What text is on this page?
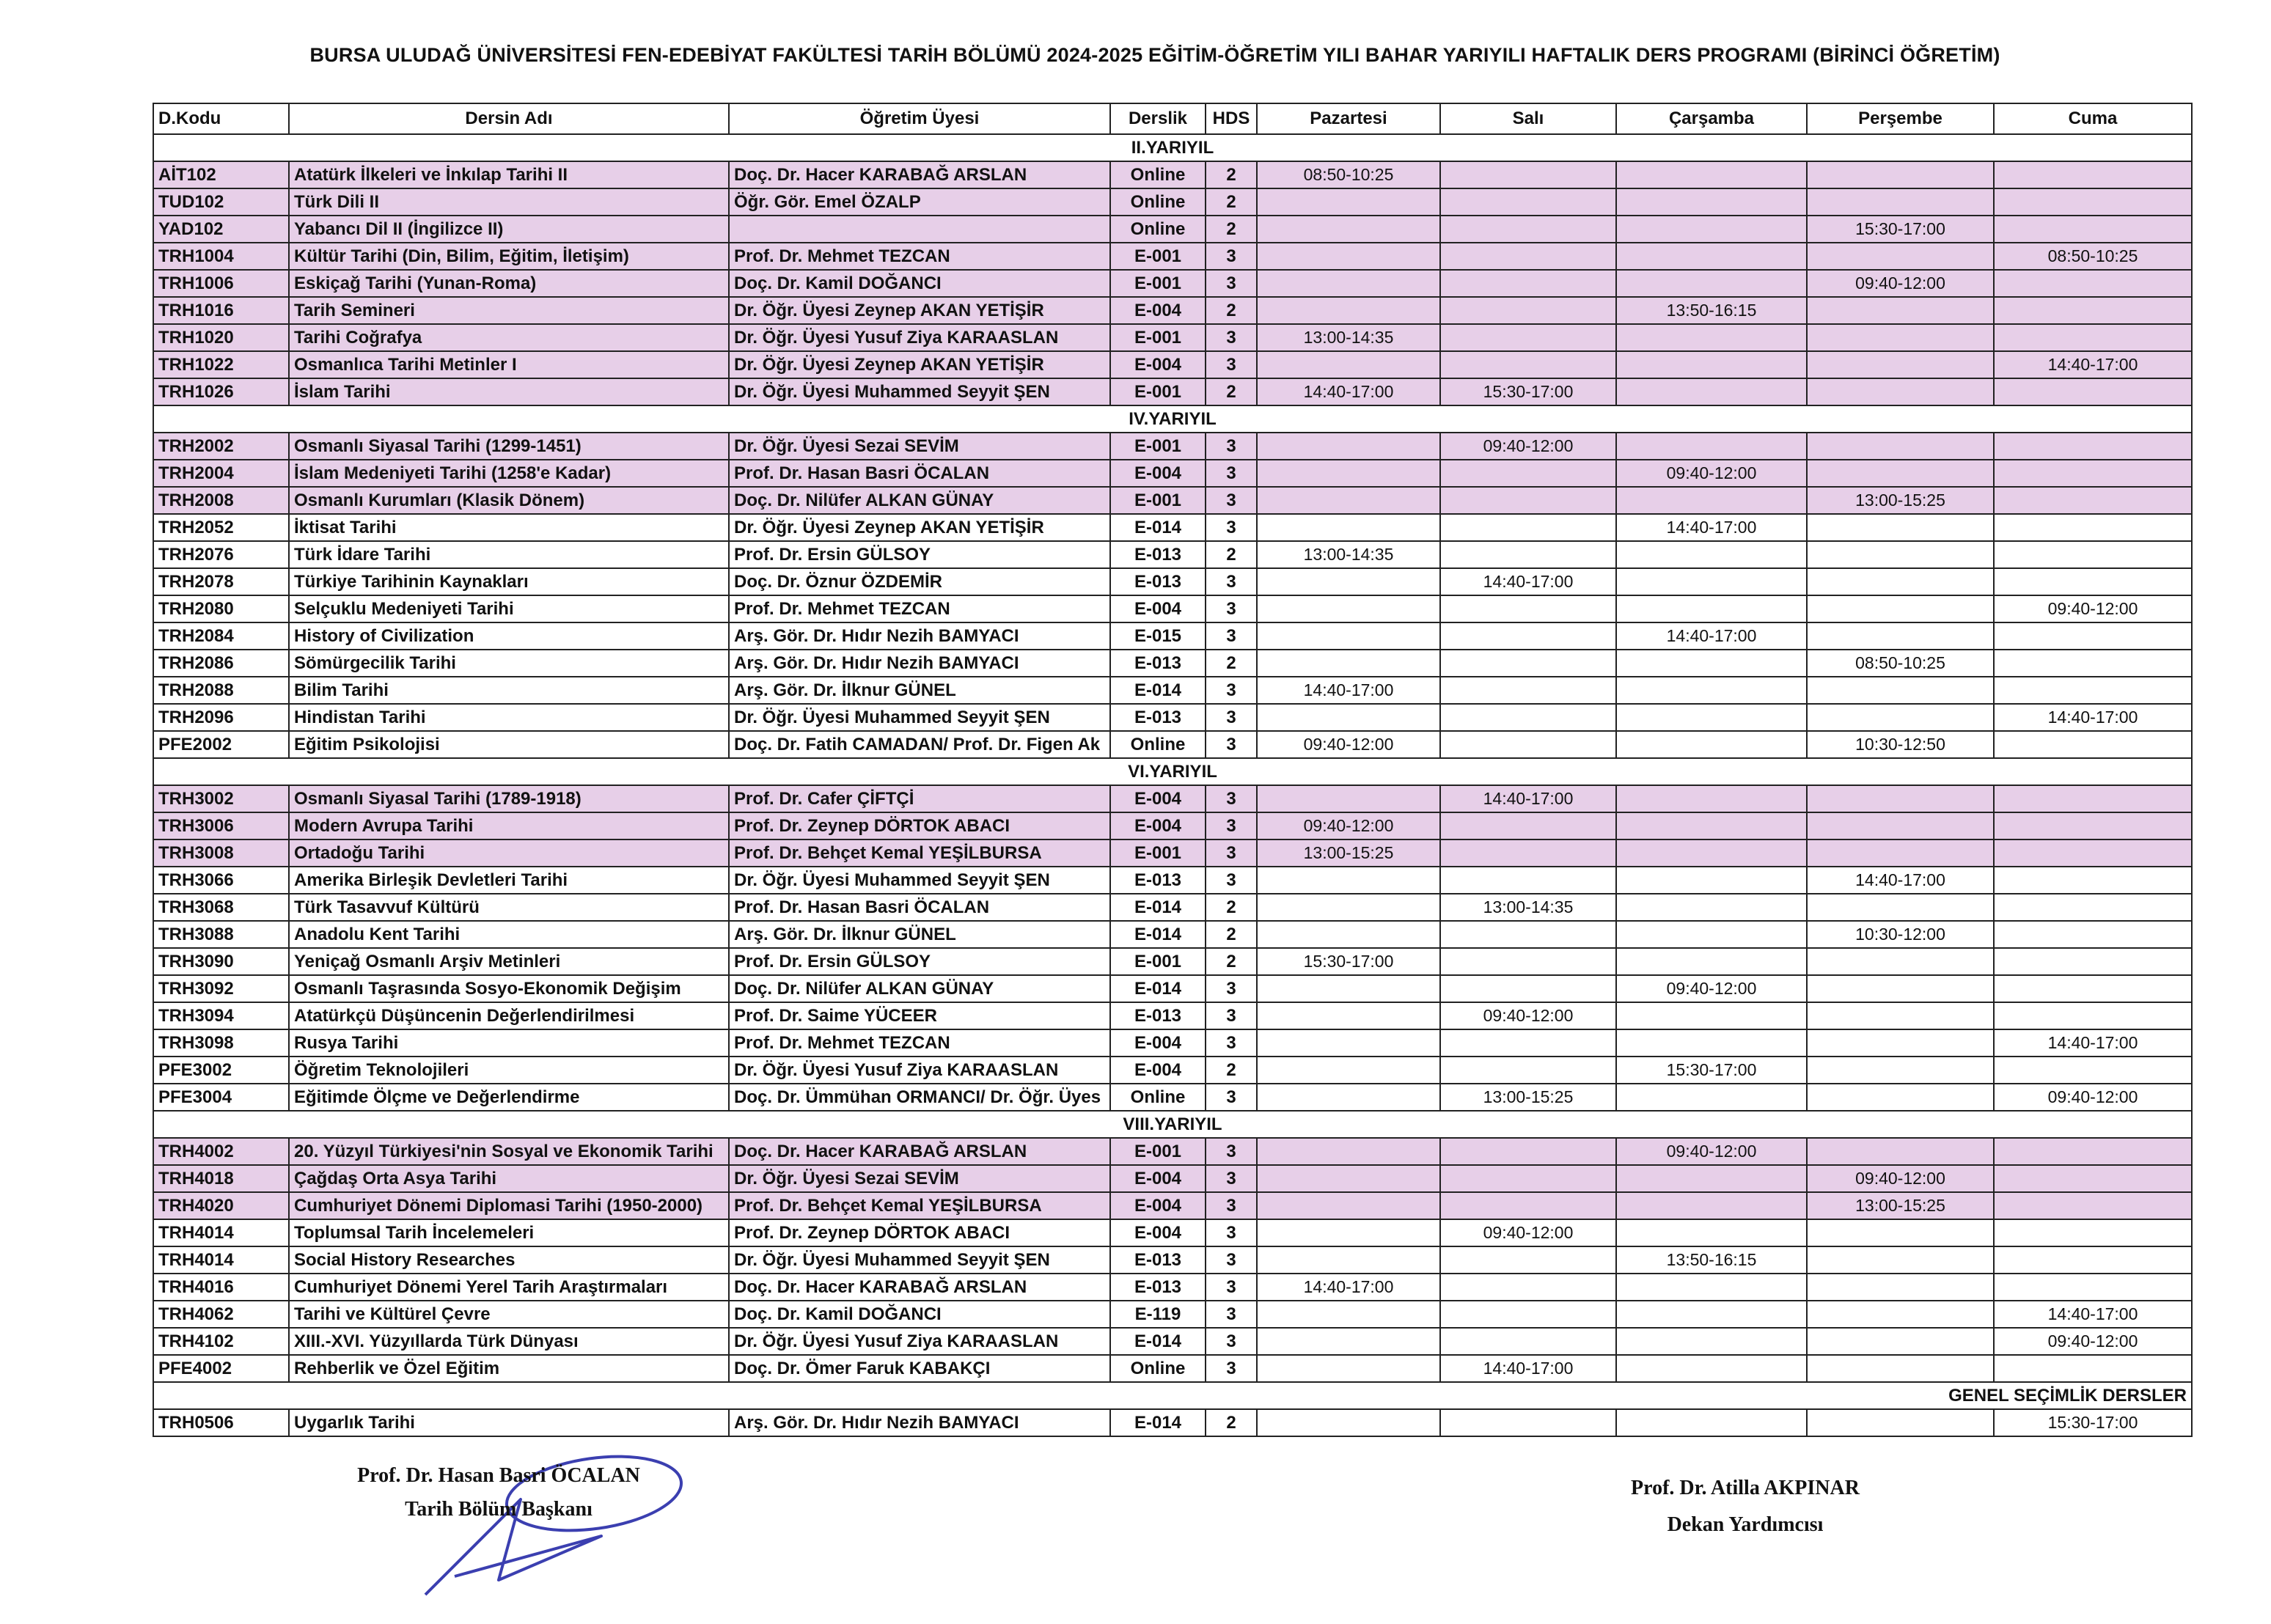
BURSA ULUDAĞ ÜNİVERSİTESİ FEN-EDEBİYAT FAKÜLTESİ TARİH BÖLÜMÜ 2024-2025 EĞİTİM-ÖĞRETİM YILI BAHAR YARIYILI HAFTALIK DERS PROGRAMI (BİRİNCİ ÖĞRETİM)
D.Kodu	Dersin Adı	Öğretim Üyesi	Derslik	HDS	Pazartesi	Salı	Çarşamba	Perşembe	Cuma
II.YARIYIL									
AİT102	Atatürk İlkeleri ve İnkılap Tarihi II	Doç. Dr. Hacer KARABAĞ ARSLAN	Online	2	08:50-10:25				
TUD102	Türk Dili II	Öğr. Gör. Emel ÖZALP	Online	2					
YAD102	Yabancı Dil II (İngilizce II)		Online	2				15:30-17:00	
TRH1004	Kültür Tarihi (Din, Bilim, Eğitim, İletişim)	Prof. Dr. Mehmet TEZCAN	E-001	3					08:50-10:25
TRH1006	Eskiçağ Tarihi (Yunan-Roma)	Doç. Dr. Kamil DOĞANCI	E-001	3				09:40-12:00	
TRH1016	Tarih Semineri	Dr. Öğr. Üyesi Zeynep AKAN YETİŞİR	E-004	2			13:50-16:15		
TRH1020	Tarihi Coğrafya	Dr. Öğr. Üyesi Yusuf Ziya KARAASLAN	E-001	3	13:00-14:35				
TRH1022	Osmanlıca Tarihi Metinler I	Dr. Öğr. Üyesi Zeynep AKAN YETİŞİR	E-004	3					14:40-17:00
TRH1026	İslam Tarihi	Dr. Öğr. Üyesi Muhammed Seyyit ŞEN	E-001	2	14:40-17:00	15:30-17:00			
IV.YARIYIL									
TRH2002	Osmanlı Siyasal Tarihi (1299-1451)	Dr. Öğr. Üyesi Sezai SEVİM	E-001	3		09:40-12:00			
TRH2004	İslam Medeniyeti Tarihi (1258'e Kadar)	Prof. Dr. Hasan Basri ÖCALAN	E-004	3			09:40-12:00		
TRH2008	Osmanlı Kurumları (Klasik Dönem)	Doç. Dr. Nilüfer ALKAN GÜNAY	E-001	3				13:00-15:25	
TRH2052	İktisat Tarihi	Dr. Öğr. Üyesi Zeynep AKAN YETİŞİR	E-014	3			14:40-17:00		
TRH2076	Türk İdare Tarihi	Prof. Dr. Ersin GÜLSOY	E-013	2	13:00-14:35				
TRH2078	Türkiye Tarihinin Kaynakları	Doç. Dr. Öznur ÖZDEMİR	E-013	3		14:40-17:00			
TRH2080	Selçuklu Medeniyeti Tarihi	Prof. Dr. Mehmet TEZCAN	E-004	3					09:40-12:00
TRH2084	History of Civilization	Arş. Gör. Dr. Hıdır Nezih BAMYACI	E-015	3			14:40-17:00		
TRH2086	Sömürgecilik Tarihi	Arş. Gör. Dr. Hıdır Nezih BAMYACI	E-013	2				08:50-10:25	
TRH2088	Bilim Tarihi	Arş. Gör. Dr. İlknur GÜNEL	E-014	3	14:40-17:00				
TRH2096	Hindistan Tarihi	Dr. Öğr. Üyesi Muhammed Seyyit ŞEN	E-013	3					14:40-17:00
PFE2002	Eğitim Psikolojisi	Doç. Dr. Fatih CAMADAN/ Prof. Dr. Figen Ak	Online	3	09:40-12:00			10:30-12:50	
VI.YARIYIL									
TRH3002	Osmanlı Siyasal Tarihi (1789-1918)	Prof. Dr. Cafer ÇİFTÇİ	E-004	3		14:40-17:00			
TRH3006	Modern Avrupa Tarihi	Prof. Dr. Zeynep DÖRTOK ABACI	E-004	3	09:40-12:00				
TRH3008	Ortadoğu Tarihi	Prof. Dr. Behçet Kemal YEŞİLBURSA	E-001	3	13:00-15:25				
TRH3066	Amerika Birleşik Devletleri Tarihi	Dr. Öğr. Üyesi Muhammed Seyyit ŞEN	E-013	3				14:40-17:00	
TRH3068	Türk Tasavvuf Kültürü	Prof. Dr. Hasan Basri ÖCALAN	E-014	2		13:00-14:35			
TRH3088	Anadolu Kent Tarihi	Arş. Gör. Dr. İlknur GÜNEL	E-014	2				10:30-12:00	
TRH3090	Yeniçağ Osmanlı Arşiv Metinleri	Prof. Dr. Ersin GÜLSOY	E-001	2	15:30-17:00				
TRH3092	Osmanlı Taşrasında Sosyo-Ekonomik Değişim	Doç. Dr. Nilüfer ALKAN GÜNAY	E-014	3			09:40-12:00		
TRH3094	Atatürkçü Düşüncenin Değerlendirilmesi	Prof. Dr. Saime YÜCEER	E-013	3		09:40-12:00			
TRH3098	Rusya Tarihi	Prof. Dr. Mehmet TEZCAN	E-004	3					14:40-17:00
PFE3002	Öğretim Teknolojileri	Dr. Öğr. Üyesi Yusuf Ziya KARAASLAN	E-004	2			15:30-17:00		
PFE3004	Eğitimde Ölçme ve Değerlendirme	Doç. Dr. Ümmühan ORMANCI/ Dr. Öğr. Üyes	Online	3		13:00-15:25			09:40-12:00
VIII.YARIYIL									
TRH4002	20. Yüzyıl Türkiyesi'nin Sosyal ve Ekonomik Tarihi	Doç. Dr. Hacer KARABAĞ ARSLAN	E-001	3			09:40-12:00		
TRH4018	Çağdaş Orta Asya Tarihi	Dr. Öğr. Üyesi Sezai SEVİM	E-004	3				09:40-12:00	
TRH4020	Cumhuriyet Dönemi Diplomasi Tarihi (1950-2000)	Prof. Dr. Behçet Kemal YEŞİLBURSA	E-004	3				13:00-15:25	
TRH4014	Toplumsal Tarih İncelemeleri	Prof. Dr. Zeynep DÖRTOK ABACI	E-004	3		09:40-12:00			
TRH4014	Social History Researches	Dr. Öğr. Üyesi Muhammed Seyyit ŞEN	E-013	3			13:50-16:15		
TRH4016	Cumhuriyet Dönemi Yerel Tarih Araştırmaları	Doç. Dr. Hacer KARABAĞ ARSLAN	E-013	3	14:40-17:00				
TRH4062	Tarihi ve Kültürel Çevre	Doç. Dr. Kamil DOĞANCI	E-119	3					14:40-17:00
TRH4102	XIII.-XVI. Yüzyıllarda Türk Dünyası	Dr. Öğr. Üyesi Yusuf Ziya KARAASLAN	E-014	3					09:40-12:00
PFE4002	Rehberlik ve Özel Eğitim	Doç. Dr. Ömer Faruk KABAKÇI	Online	3		14:40-17:00			
GENEL SEÇİMLİK DERSLER									
TRH0506	Uygarlık Tarihi	Arş. Gör. Dr. Hıdır Nezih BAMYACI	E-014	2					15:30-17:00
Prof. Dr. Hasan Basri ÖCALAN
Tarih Bölüm Başkanı
Prof. Dr. Atilla AKPINAR
Dekan Yardımcısı
